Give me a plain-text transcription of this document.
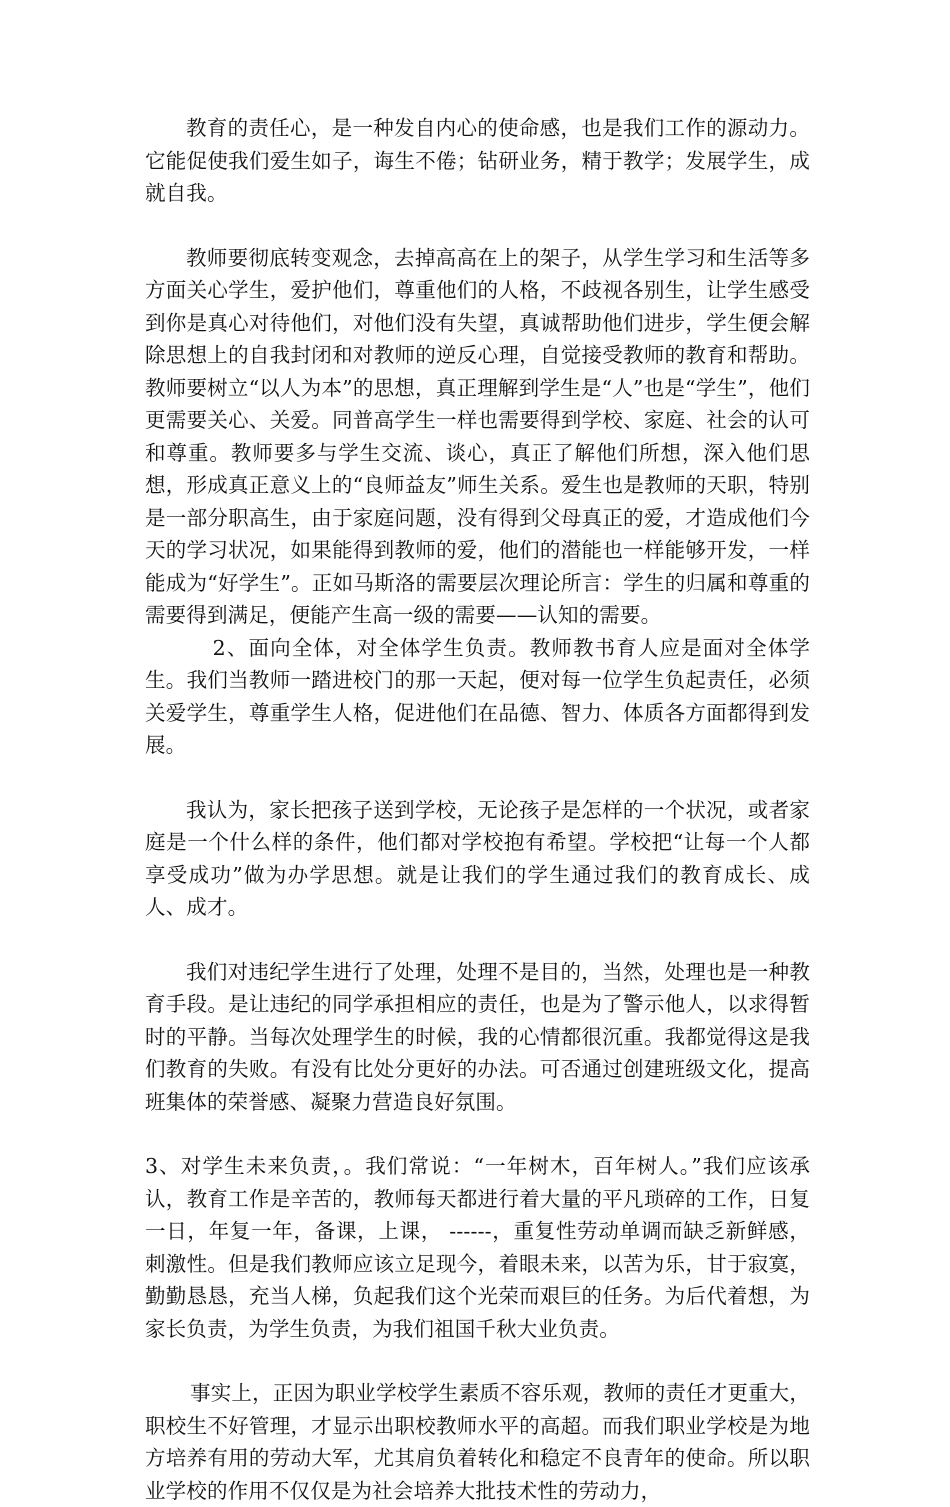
教育的责任心，是一种发自内心的使命感，也是我们工作的源动力。它能促使我们爱生如子，诲生不倦；钻研业务，精于教学；发展学生，成就自我。

教师要彻底转变观念，去掉高高在上的架子，从学生学习和生活等多方面关心学生，爱护他们，尊重他们的人格，不歧视各别生，让学生感受到你是真心对待他们，对他们没有失望，真诚帮助他们进步，学生便会解除思想上的自我封闭和对教师的逆反心理，自觉接受教师的教育和帮助。教师要树立“以人为本”的思想，真正理解到学生是“人”也是“学生”，他们更需要关心、关爱。同普高学生一样也需要得到学校、家庭、社会的认可和尊重。教师要多与学生交流、谈心，真正了解他们所想，深入他们思想，形成真正意义上的“良师益友”师生关系。爱生也是教师的天职，特别是一部分职高生，由于家庭问题，没有得到父母真正的爱，才造成他们今天的学习状况，如果能得到教师的爱，他们的潜能也一样能够开发，一样能成为“好学生”。正如马斯洛的需要层次理论所言：学生的归属和尊重的需要得到满足，便能产生高一级的需要——认知的需要。

2、面向全体，对全体学生负责。教师教书育人应是面对全体学生。我们当教师一踏进校门的那一天起，便对每一位学生负起责任，必须关爱学生，尊重学生人格，促进他们在品德、智力、体质各方面都得到发展。

我认为，家长把孩子送到学校，无论孩子是怎样的一个状况，或者家庭是一个什么样的条件，他们都对学校抱有希望。学校把“让每一个人都享受成功”做为办学思想。就是让我们的学生通过我们的教育成长、成人、成才。

我们对违纪学生进行了处理，处理不是目的，当然，处理也是一种教育手段。是让违纪的同学承担相应的责任，也是为了警示他人，以求得暂时的平静。当每次处理学生的时候，我的心情都很沉重。我都觉得这是我们教育的失败。有没有比处分更好的办法。可否通过创建班级文化，提高班集体的荣誉感、凝聚力营造良好氛围。

3、对学生未来负责，。我们常说：“一年树木，百年树人。”我们应该承认，教育工作是辛苦的，教师每天都进行着大量的平凡琐碎的工作，日复一日，年复一年，备课，上课， ------，重复性劳动单调而缺乏新鲜感，刺激性。但是我们教师应该立足现今，着眼未来，以苦为乐，甘于寂寞，勤勤恳恳，充当人梯，负起我们这个光荣而艰巨的任务。为后代着想，为家长负责，为学生负责，为我们祖国千秋大业负责。

事实上，正因为职业学校学生素质不容乐观，教师的责任才更重大，职校生不好管理，才显示出职校教师水平的高超。而我们职业学校是为地方培养有用的劳动大军，尤其肩负着转化和稳定不良青年的使命。所以职业学校的作用不仅仅是为社会培养大批技术性的劳动力，
